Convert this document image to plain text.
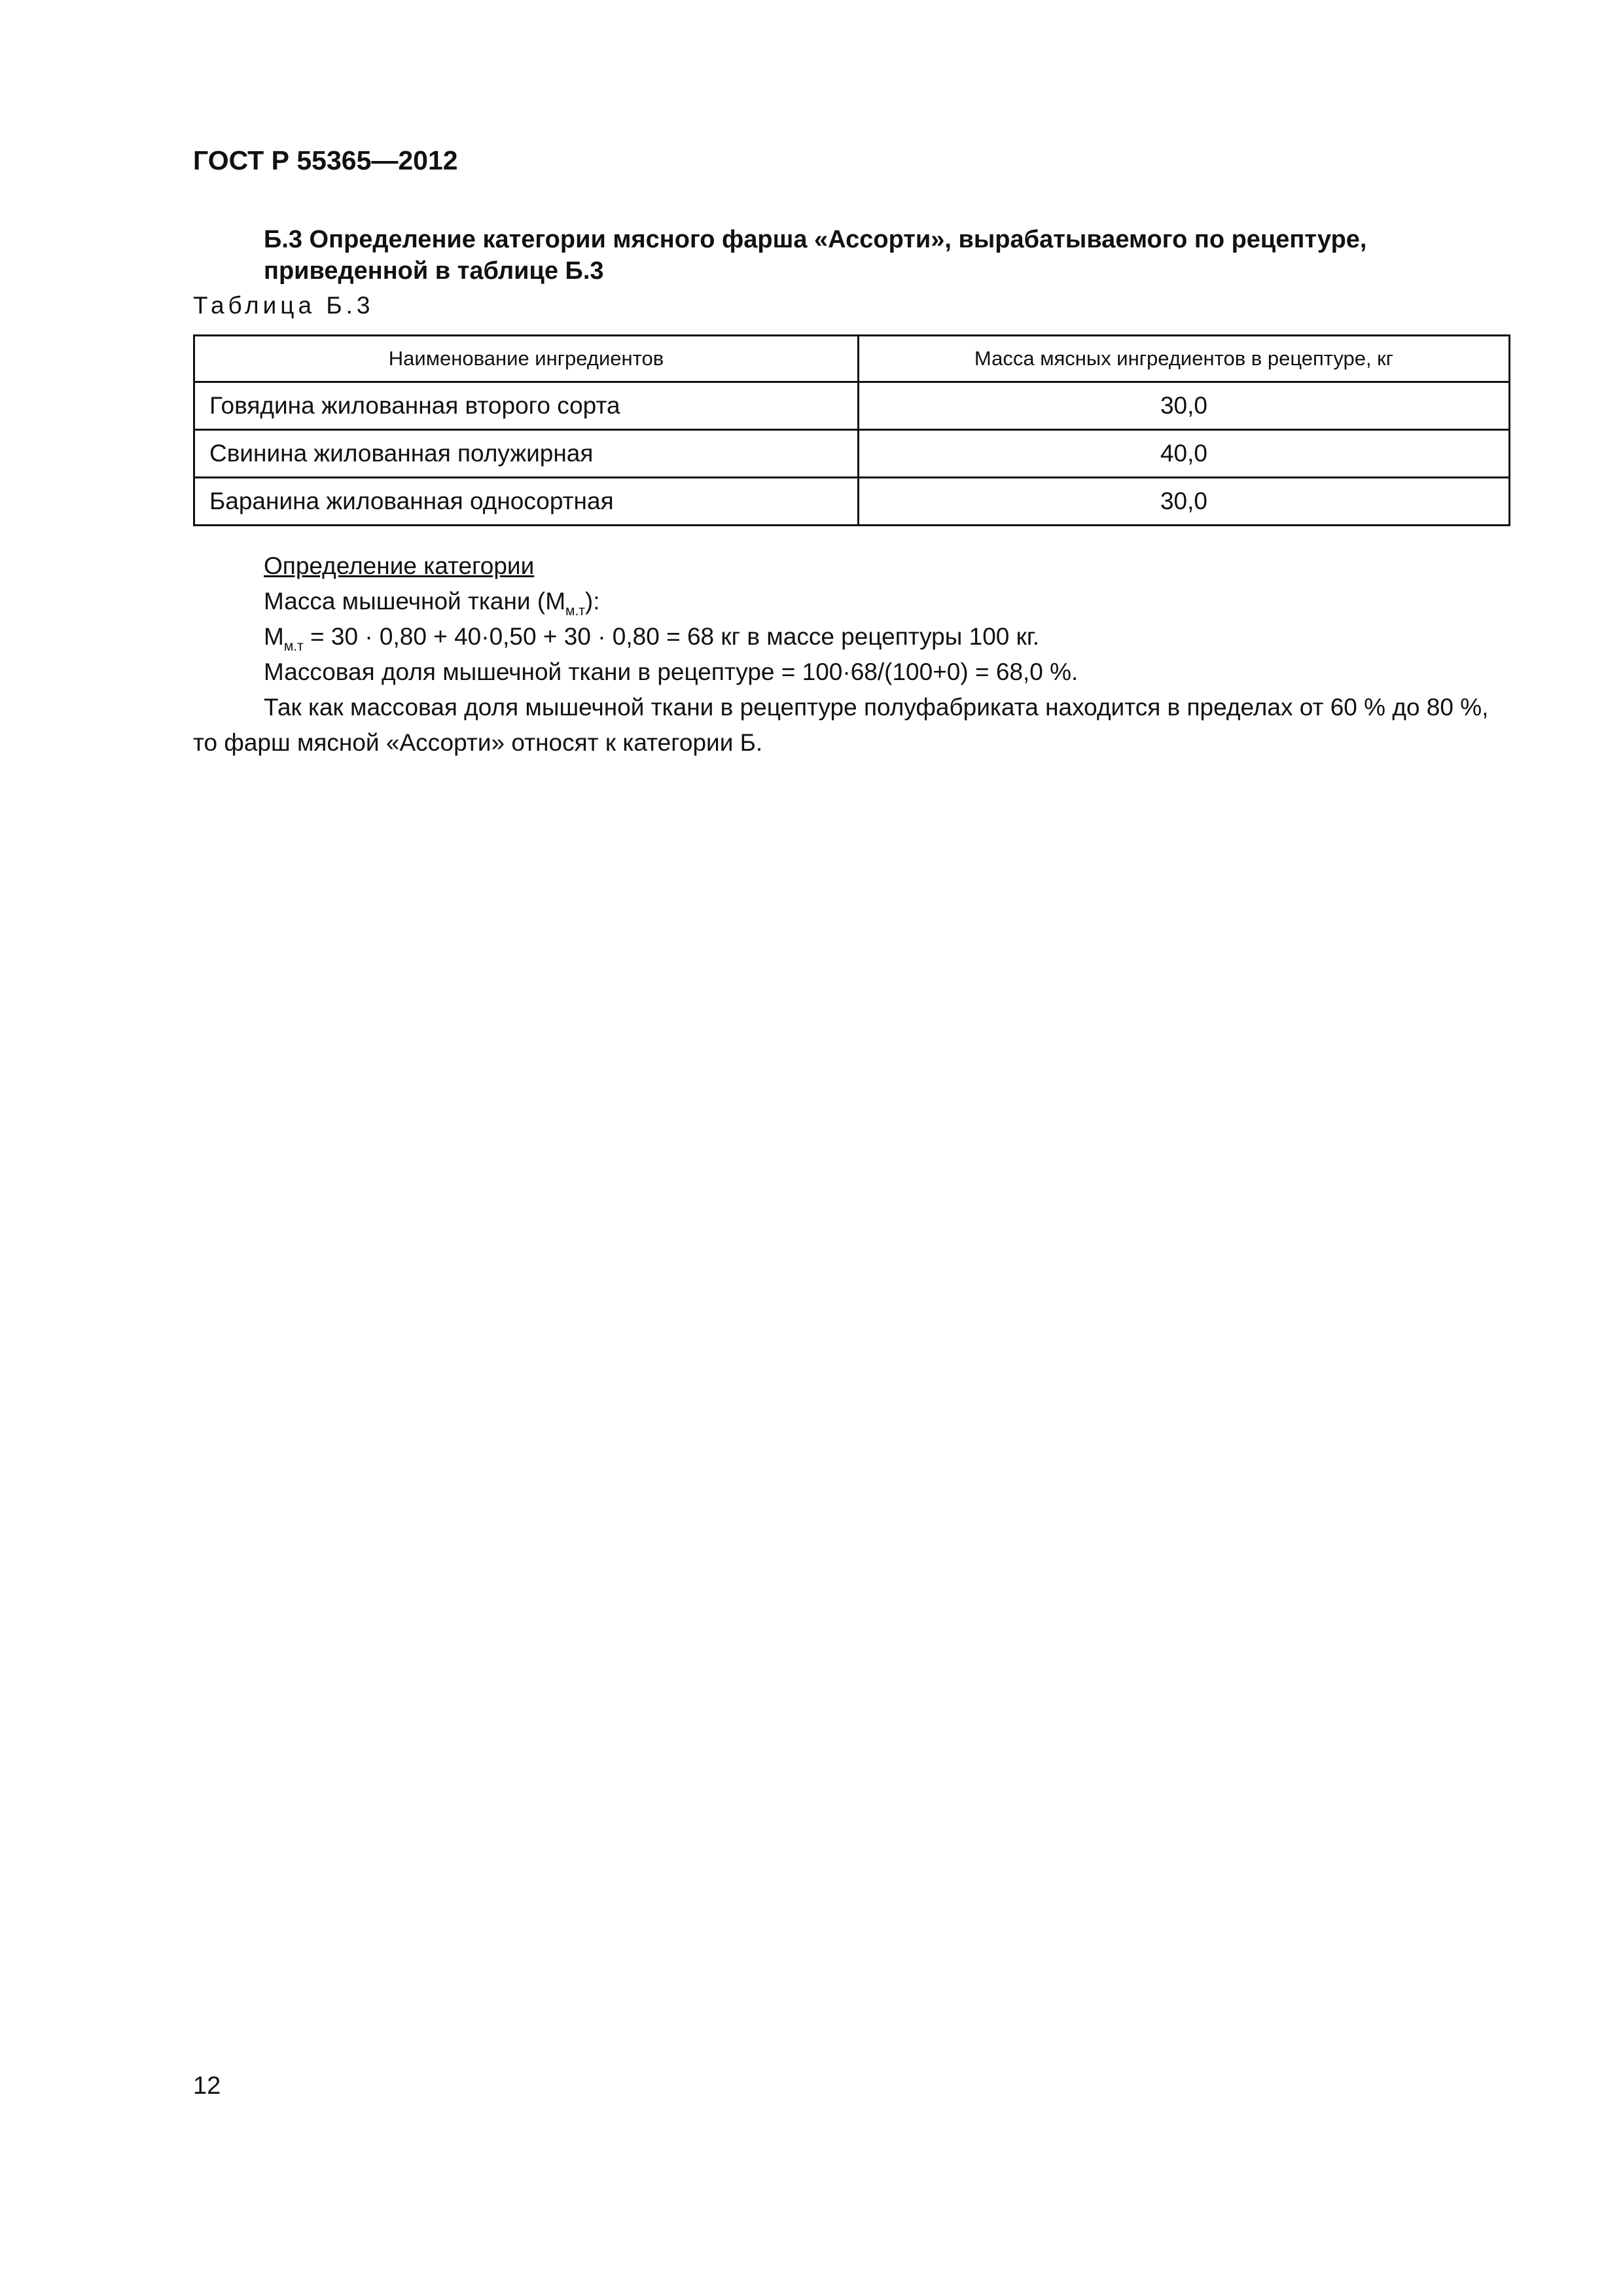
ГОСТ Р 55365—2012
Б.3 Определение категории мясного фарша «Ассорти», вырабатываемого по рецептуре, приведенной в таблице Б.3

Таблица Б.3

Наименование ингредиентов	Масса мясных ингредиентов в рецептуре, кг
Говядина жилованная второго сорта	30,0
Свинина жилованная полужирная	40,0
Баранина жилованная односортная	30,0

Определение категории

Масса мышечной ткани $(М_{м.т})$:

$М_{м.т} = 30 \cdot 0,80 + 40\cdot 0,50 + 30 \cdot 0,80 = 68$ кг в массе рецептуры 100 кг.

Массовая доля мышечной ткани в рецептуре = 100·68/(100+0) = 68,0 %.

Так как массовая доля мышечной ткани в рецептуре полуфабриката находится в пределах от 60 % до 80 %, то фарш мясной «Ассорти» относят к категории Б.

12
